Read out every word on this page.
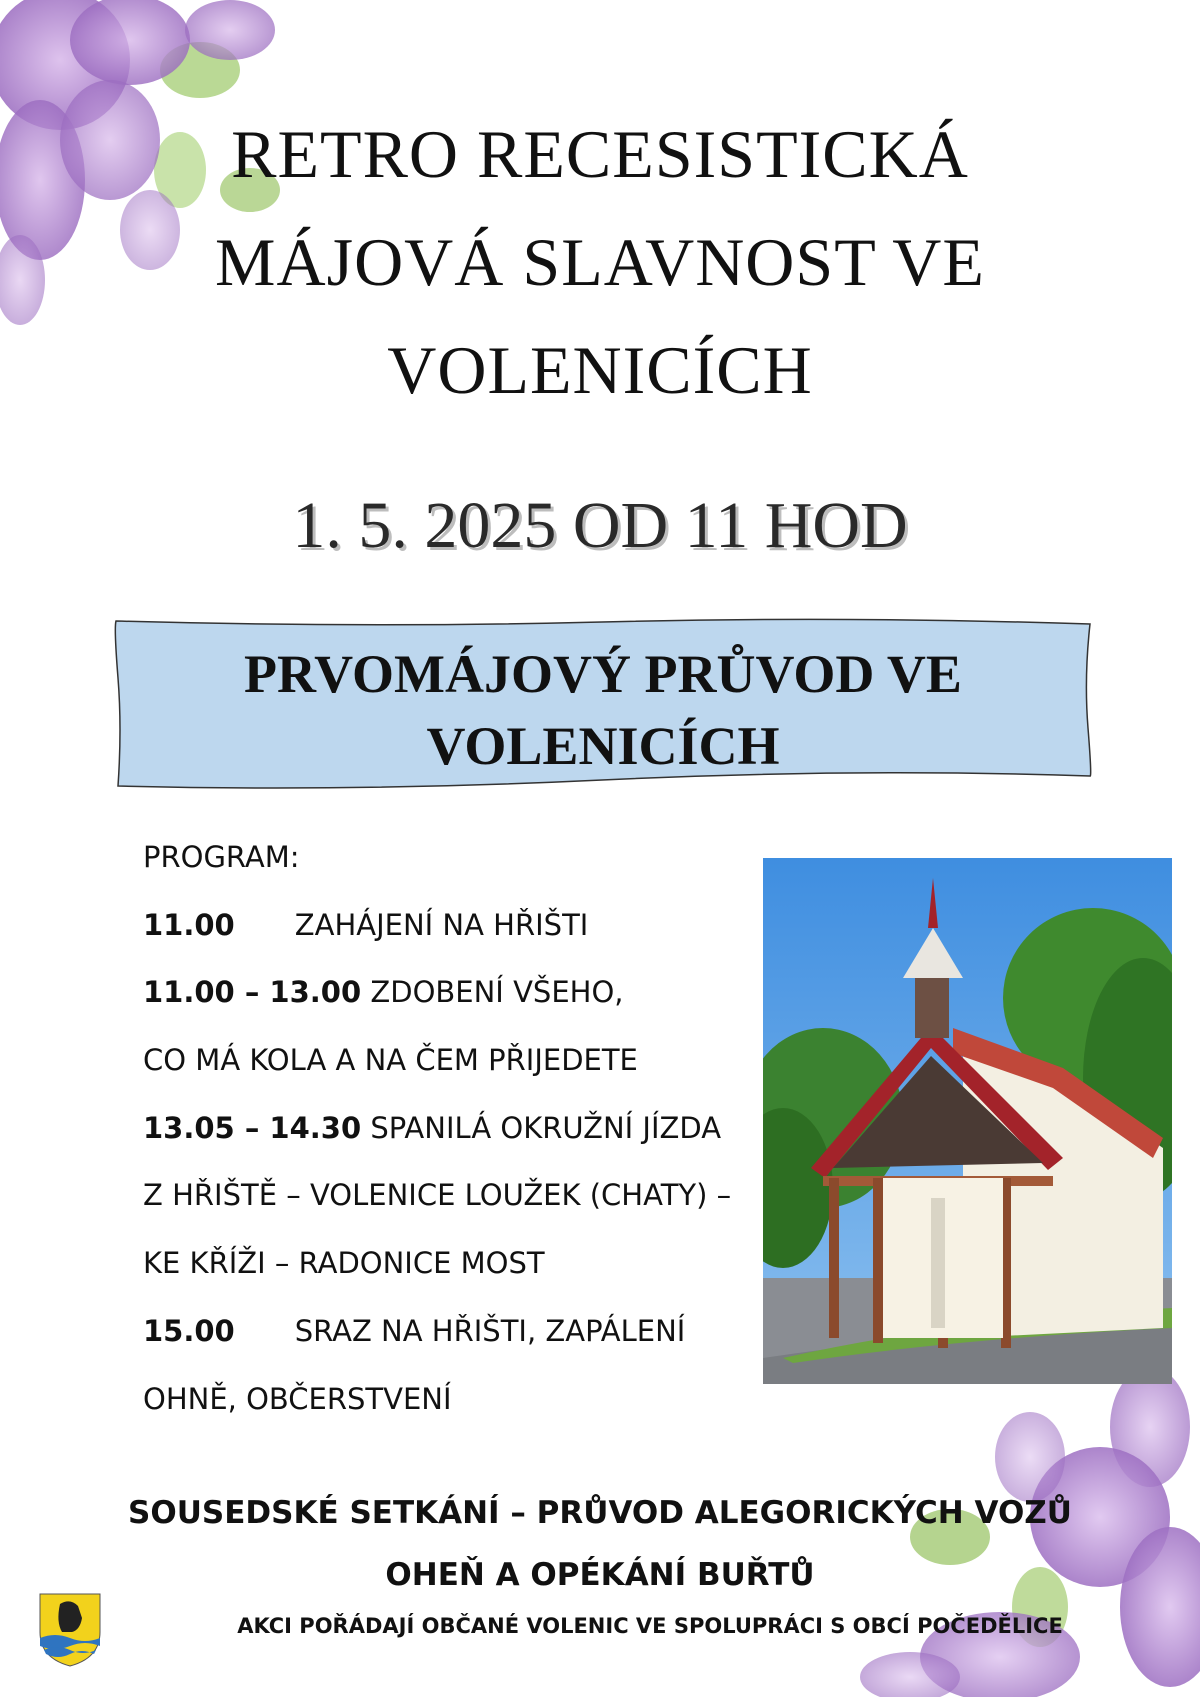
RETRO RECESISTICKÁ
MÁJOVÁ SLAVNOST VE
VOLENICÍCH
1. 5. 2025 OD 11 HOD
PRVOMÁJOVÝ PRŮVOD VE
VOLENICÍCH
PROGRAM:
11.00 ZAHÁJENÍ NA HŘIŠTI
11.00 – 13.00 ZDOBENÍ VŠEHO,
CO MÁ KOLA A NA ČEM PŘIJEDETE
13.05 – 14.30 SPANILÁ OKRUŽNÍ JÍZDA
Z HŘIŠTĚ – VOLENICE LOUŽEK (CHATY) –
KE KŘÍŽI – RADONICE MOST
15.00 SRAZ NA HŘIŠTI, ZAPÁLENÍ
OHNĚ, OBČERSTVENÍ
SOUSEDSKÉ SETKÁNÍ – PRŮVOD ALEGORICKÝCH VOZŮ
OHEŇ A OPÉKÁNÍ BUŘTŮ
AKCI POŘÁDAJÍ OBČANÉ VOLENIC VE SPOLUPRÁCI S OBCÍ POČEDĚLICE
